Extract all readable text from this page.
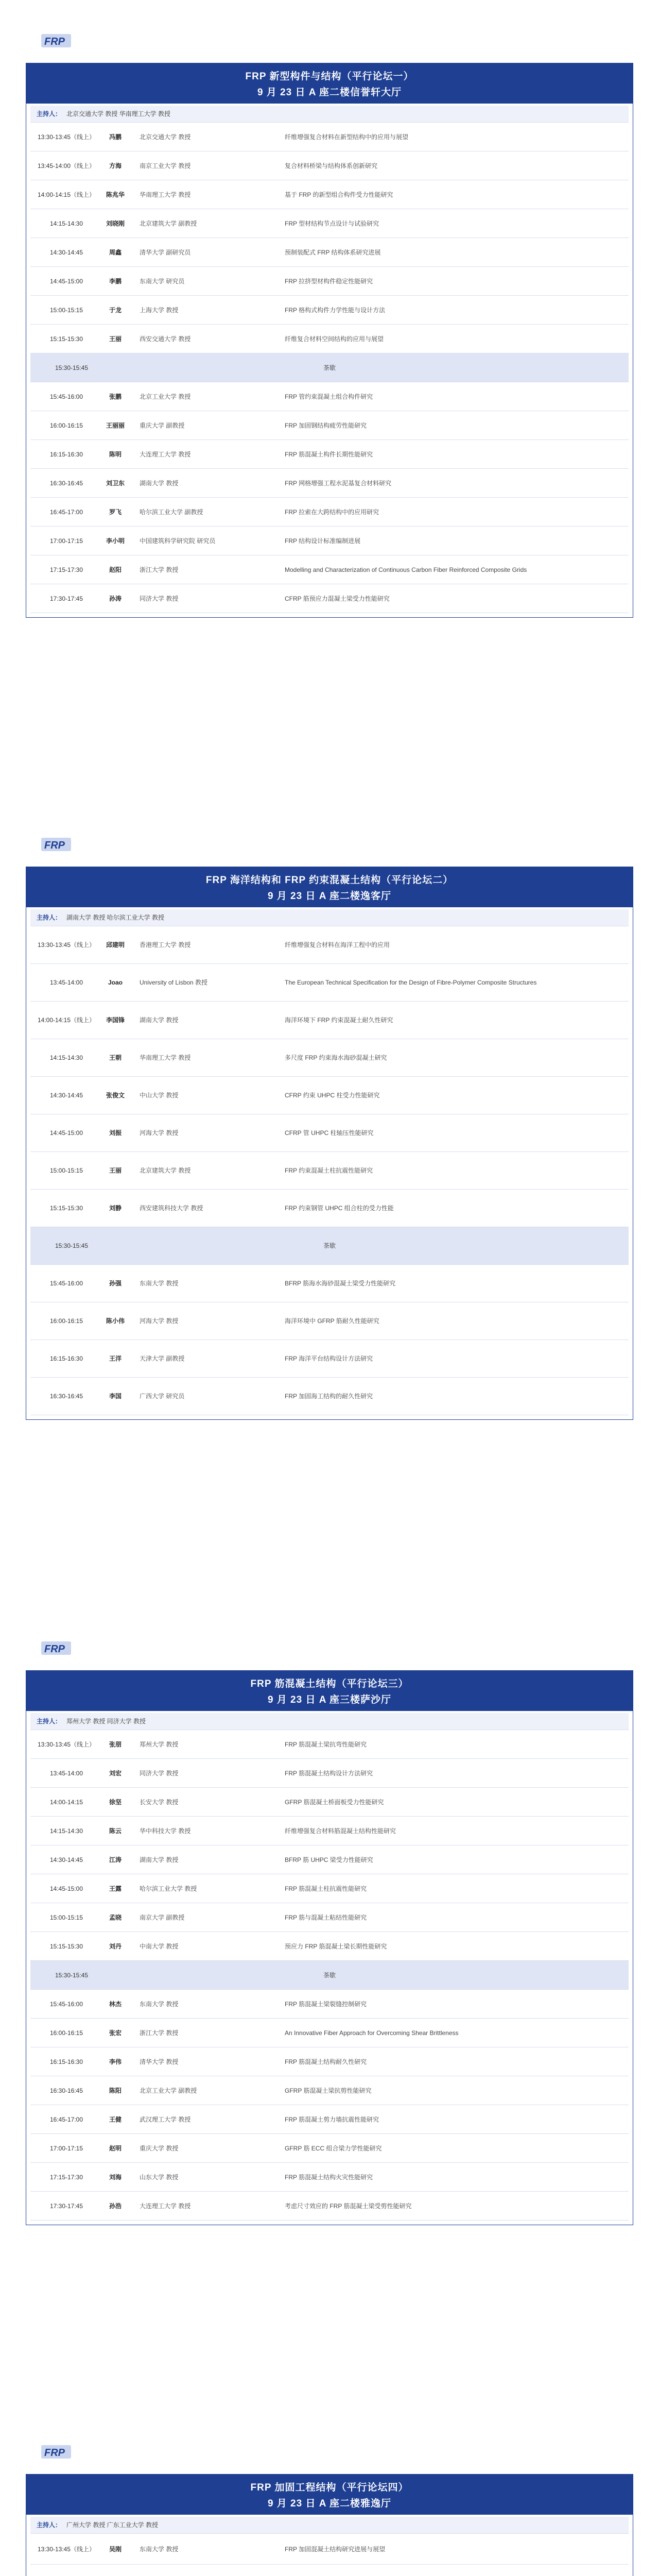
FRP
FRP 新型构件与结构（平行论坛一）
9 月 23 日 A 座二楼信誉轩大厅
主持人： 北京交通大学 教授 华南理工大学 教授
13:30-13:45（线上）	冯鹏	北京交通大学 教授	纤维增强复合材料在新型结构中的应用与展望
13:45-14:00（线上）	方海	南京工业大学 教授	复合材料桥梁与结构体系创新研究
14:00-14:15（线上）	陈兆华	华南理工大学 教授	基于 FRP 的新型组合构件受力性能研究
14:15-14:30	刘晓刚	北京建筑大学 副教授	FRP 型材结构节点设计与试验研究
14:30-14:45	周鑫	清华大学 副研究员	预制装配式 FRP 结构体系研究进展
14:45-15:00	李鹏	东南大学 研究员	FRP 拉挤型材构件稳定性能研究
15:00-15:15	于龙	上海大学 教授	FRP 格构式构件力学性能与设计方法
15:15-15:30	王丽	西安交通大学 教授	纤维复合材料空间结构的应用与展望
15:30-15:45	茶歇
15:45-16:00	张鹏	北京工业大学 教授	FRP 管约束混凝土组合构件研究
16:00-16:15	王丽丽	重庆大学 副教授	FRP 加固钢结构疲劳性能研究
16:15-16:30	陈明	大连理工大学 教授	FRP 筋混凝土构件长期性能研究
16:30-16:45	刘卫东	湖南大学 教授	FRP 网格增强工程水泥基复合材料研究
16:45-17:00	罗飞	哈尔滨工业大学 副教授	FRP 拉索在大跨结构中的应用研究
17:00-17:15	李小明	中国建筑科学研究院 研究员	FRP 结构设计标准编制进展
17:15-17:30	赵阳	浙江大学 教授	Modelling and Characterization of Continuous Carbon Fiber Reinforced Composite Grids
17:30-17:45	孙涛	同济大学 教授	CFRP 筋预应力混凝土梁受力性能研究
FRP
FRP 海洋结构和 FRP 约束混凝土结构（平行论坛二）
9 月 23 日 A 座二楼逸客厅
主持人： 湖南大学 教授 哈尔滨工业大学 教授
13:30-13:45（线上）	邱建明	香港理工大学 教授	纤维增强复合材料在海洋工程中的应用
13:45-14:00	Joao	University of Lisbon 教授	The European Technical Specification for the Design of Fibre-Polymer Composite Structures
14:00-14:15（线上）	李国锋	湖南大学 教授	海洋环境下 FRP 约束混凝土耐久性研究
14:15-14:30	王朝	华南理工大学 教授	多尺度 FRP 约束海水海砂混凝土研究
14:30-14:45	张俊文	中山大学 教授	CFRP 约束 UHPC 柱受力性能研究
14:45-15:00	刘振	河海大学 教授	CFRP 管 UHPC 柱轴压性能研究
15:00-15:15	王丽	北京建筑大学 教授	FRP 约束混凝土柱抗震性能研究
15:15-15:30	刘静	西安建筑科技大学 教授	FRP 约束钢管 UHPC 组合柱的受力性能
15:30-15:45	茶歇
15:45-16:00	孙强	东南大学 教授	BFRP 筋海水海砂混凝土梁受力性能研究
16:00-16:15	陈小伟	河海大学 教授	海洋环境中 GFRP 筋耐久性能研究
16:15-16:30	王洋	天津大学 副教授	FRP 海洋平台结构设计方法研究
16:30-16:45	李国	广西大学 研究员	FRP 加固海工结构的耐久性研究
FRP
FRP 筋混凝土结构（平行论坛三）
9 月 23 日 A 座三楼萨沙厅
主持人： 郑州大学 教授 同济大学 教授
13:30-13:45（线上）	张朋	郑州大学 教授	FRP 筋混凝土梁抗弯性能研究
13:45-14:00	刘宏	同济大学 教授	FRP 筋混凝土结构设计方法研究
14:00-14:15	徐坚	长安大学 教授	GFRP 筋混凝土桥面板受力性能研究
14:15-14:30	陈云	华中科技大学 教授	纤维增强复合材料筋混凝土结构性能研究
14:30-14:45	江涛	湖南大学 教授	BFRP 筋 UHPC 梁受力性能研究
14:45-15:00	王露	哈尔滨工业大学 教授	FRP 筋混凝土柱抗震性能研究
15:00-15:15	孟晓	南京大学 副教授	FRP 筋与混凝土粘结性能研究
15:15-15:30	刘丹	中南大学 教授	预应力 FRP 筋混凝土梁长期性能研究
15:30-15:45	茶歇
15:45-16:00	林杰	东南大学 教授	FRP 筋混凝土梁裂缝控制研究
16:00-16:15	张宏	浙江大学 教授	An Innovative Fiber Approach for Overcoming Shear Brittleness
16:15-16:30	李伟	清华大学 教授	FRP 筋混凝土结构耐久性研究
16:30-16:45	陈阳	北京工业大学 副教授	GFRP 筋混凝土梁抗剪性能研究
16:45-17:00	王健	武汉理工大学 教授	FRP 筋混凝土剪力墙抗震性能研究
17:00-17:15	赵明	重庆大学 教授	GFRP 筋 ECC 组合梁力学性能研究
17:15-17:30	刘海	山东大学 教授	FRP 筋混凝土结构火灾性能研究
17:30-17:45	孙浩	大连理工大学 教授	考虑尺寸效应的 FRP 筋混凝土梁受剪性能研究
FRP
FRP 加固工程结构（平行论坛四）
9 月 23 日 A 座二楼雅逸厅
主持人： 广州大学 教授 广东工业大学 教授
13:30-13:45（线上）	吴刚	东南大学 教授	FRP 加固混凝土结构研究进展与展望
